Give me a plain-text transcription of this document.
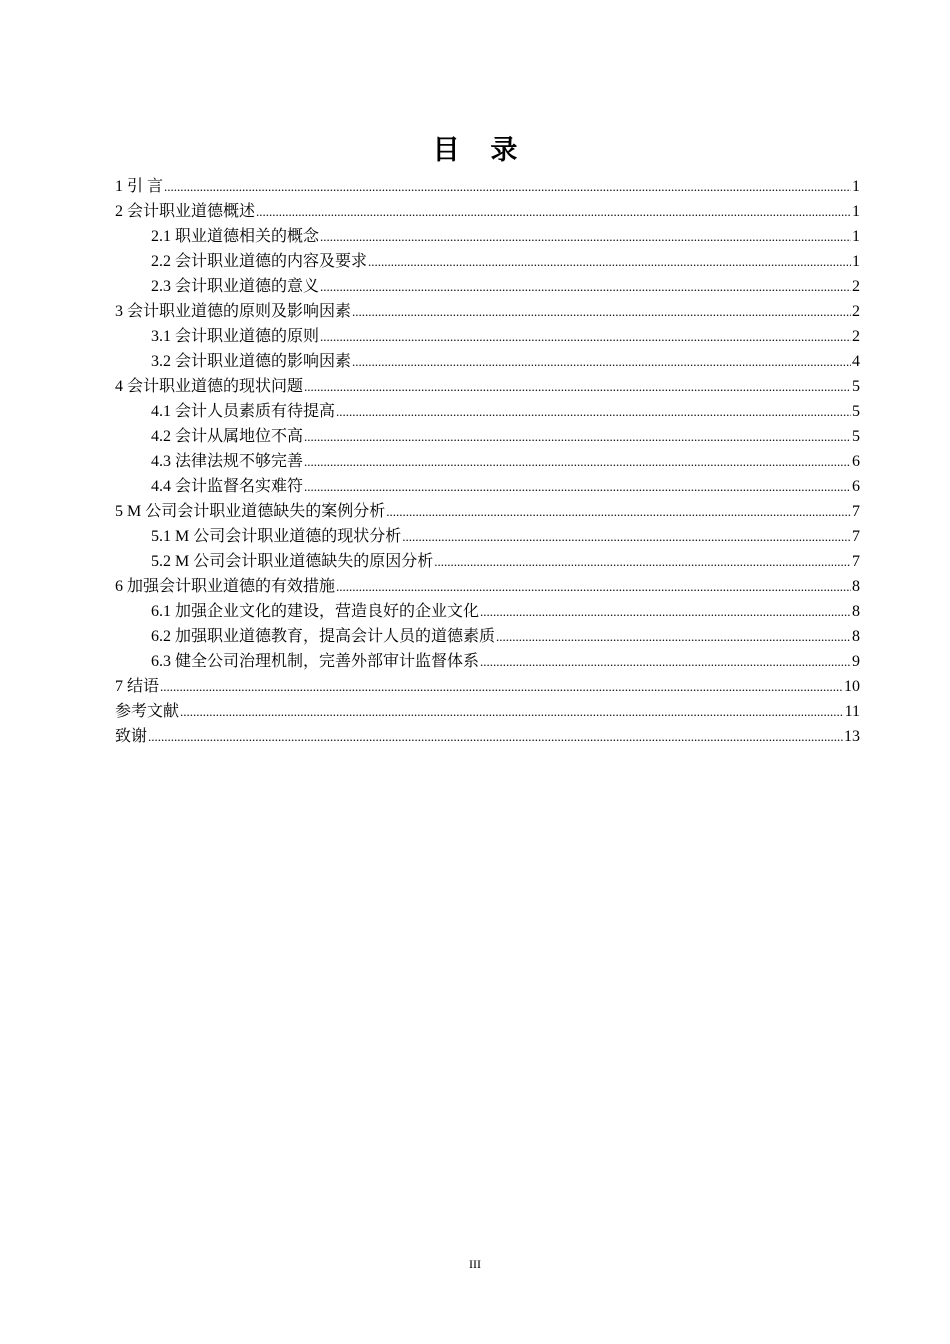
目 录
1 引 言 .....	1
2 会计职业道德概述 .....	1
2.1 职业道德相关的概念 .....	1
2.2 会计职业道德的内容及要求 .....	1
2.3 会计职业道德的意义 .....	2
3 会计职业道德的原则及影响因素 .....	2
3.1 会计职业道德的原则 .....	2
3.2 会计职业道德的影响因素 .....	4
4 会计职业道德的现状问题 .....	5
4.1 会计人员素质有待提高 .....	5
4.2 会计从属地位不高 .....	5
4.3 法律法规不够完善 .....	6
4.4 会计监督名实难符 .....	6
5 M 公司会计职业道德缺失的案例分析 .....	7
5.1 M 公司会计职业道德的现状分析 .....	7
5.2 M 公司会计职业道德缺失的原因分析 .....	7
6 加强会计职业道德的有效措施 .....	8
6.1 加强企业文化的建设，营造良好的企业文化 .....	8
6.2 加强职业道德教育，提高会计人员的道德素质 .....	8
6.3 健全公司治理机制，完善外部审计监督体系 .....	9
7 结语 .....	10
参考文献 .....	11
致谢 .....	13
III
